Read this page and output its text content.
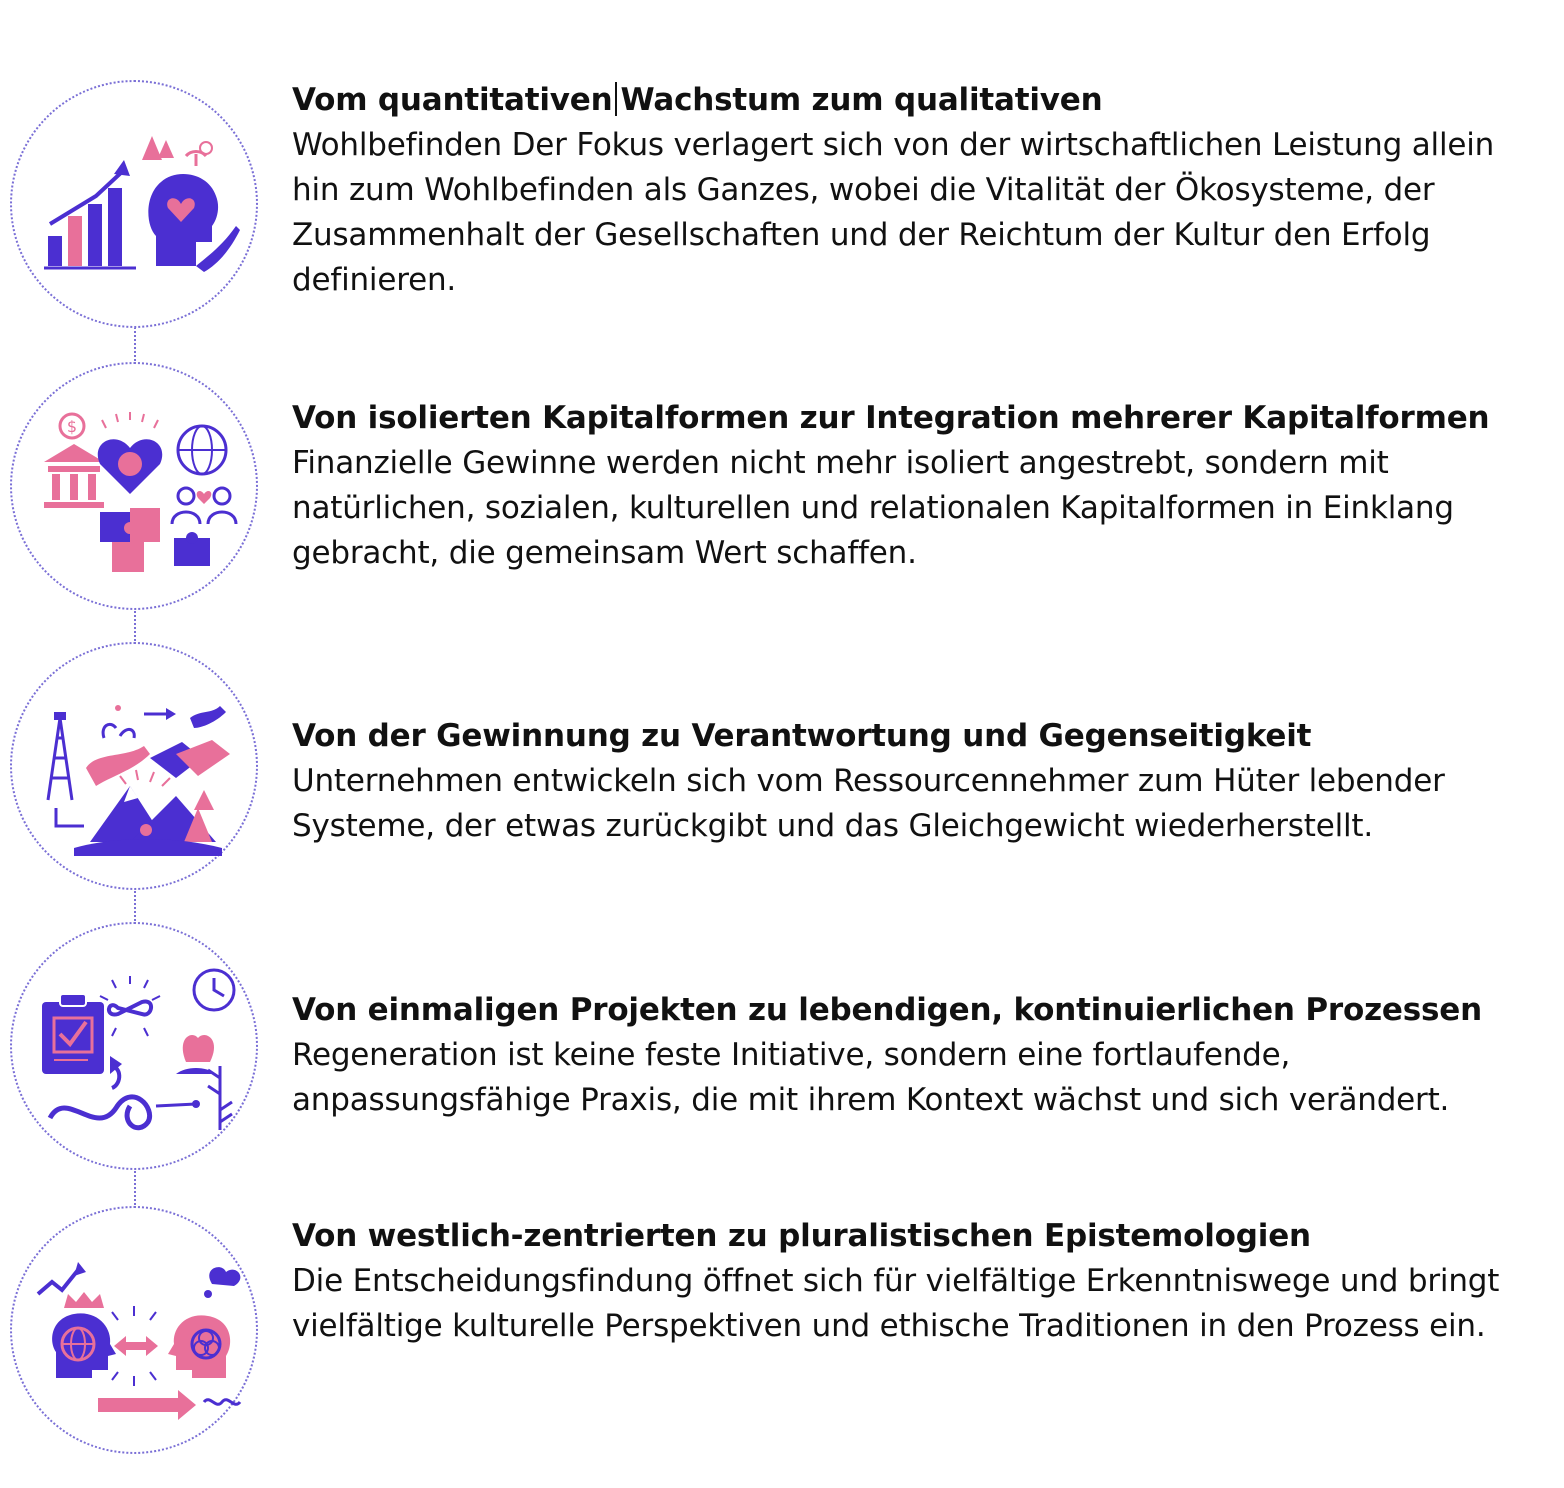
Vom quantitativen Wachstum zum qualitativen
Wohlbefinden Der Fokus verlagert sich von der wirtschaftlichen Leistung allein hin zum Wohlbefinden als Ganzes, wobei die Vitalität der Ökosysteme, der Zusammenhalt der Gesellschaften und der Reichtum der Kultur den Erfolg definieren.
$	Von isolierten Kapitalformen zur Integration mehrerer Kapitalformen
Finanzielle Gewinne werden nicht mehr isoliert angestrebt, sondern mit natürlichen, sozialen, kulturellen und relationalen Kapitalformen in Einklang gebracht, die gemeinsam Wert schaffen.
Von der Gewinnung zu Verantwortung und Gegenseitigkeit
Unternehmen entwickeln sich vom Ressourcennehmer zum Hüter lebender Systeme, der etwas zurückgibt und das Gleichgewicht wiederherstellt.
Von einmaligen Projekten zu lebendigen, kontinuierlichen Prozessen
Regeneration ist keine feste Initiative, sondern eine fortlaufende, anpassungsfähige Praxis, die mit ihrem Kontext wächst und sich verändert.
Von westlich-zentrierten zu pluralistischen Epistemologien
Die Entscheidungsfindung öffnet sich für vielfältige Erkenntniswege und bringt vielfältige kulturelle Perspektiven und ethische Traditionen in den Prozess ein.
